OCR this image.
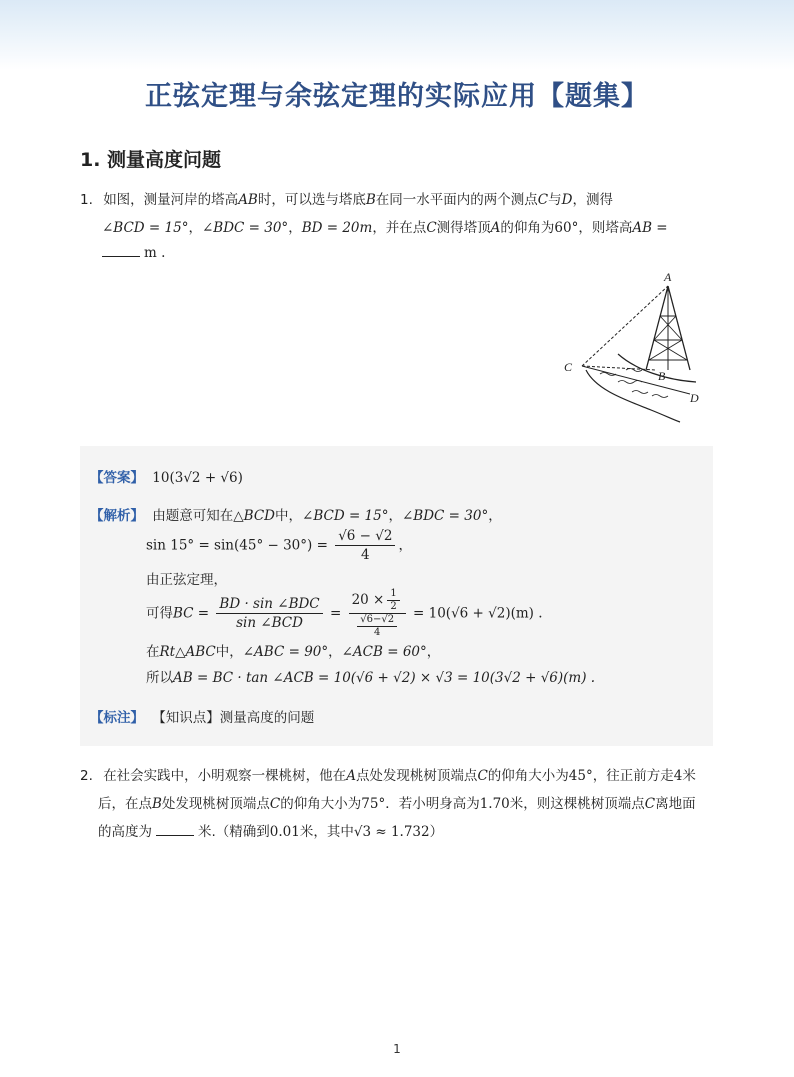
正弦定理与余弦定理的实际应用【题集】
1. 测量高度问题
1. 如图，测量河岸的塔高AB时，可以选与塔底B在同一水平面内的两个测点C与D，测得
∠BCD = 15°，∠BDC = 30°，BD = 20m，并在点C测得塔顶A的仰角为60°，则塔高AB =
m .
A
B
C
D
【答案】 10(3√2 + √6)
【解析】 由题意可知在△BCD中，∠BCD = 15°，∠BDC = 30°，
$\sin 15^\circ = \sin(45^\circ - 30^\circ) = \frac{√6 - √2}{4}$ ，
由正弦定理，
可得BC = $\frac{\text{BD · sin ∠BDC}}{\text{sin ∠BCD}} = \frac{20 \times \frac{1}{2}}{\frac{√6-√2}{4}} = 10(√6 + √2)(m)$ .
在Rt△ABC中，∠ABC = 90°，∠ACB = 60°，
所以AB = BC · tan ∠ACB = 10(√6 + √2) × √3 = 10(3√2 + √6)(m) .
【标注】 【知识点】测量高度的问题
2. 在社会实践中，小明观察一棵桃树，他在A点处发现桃树顶端点C的仰角大小为45°，往正前方走4米
后，在点B处发现桃树顶端点C的仰角大小为75°．若小明身高为1.70米，则这棵桃树顶端点C离地面
的高度为	米.（精确到0.01米，其中√3 ≈ 1.732）
1
